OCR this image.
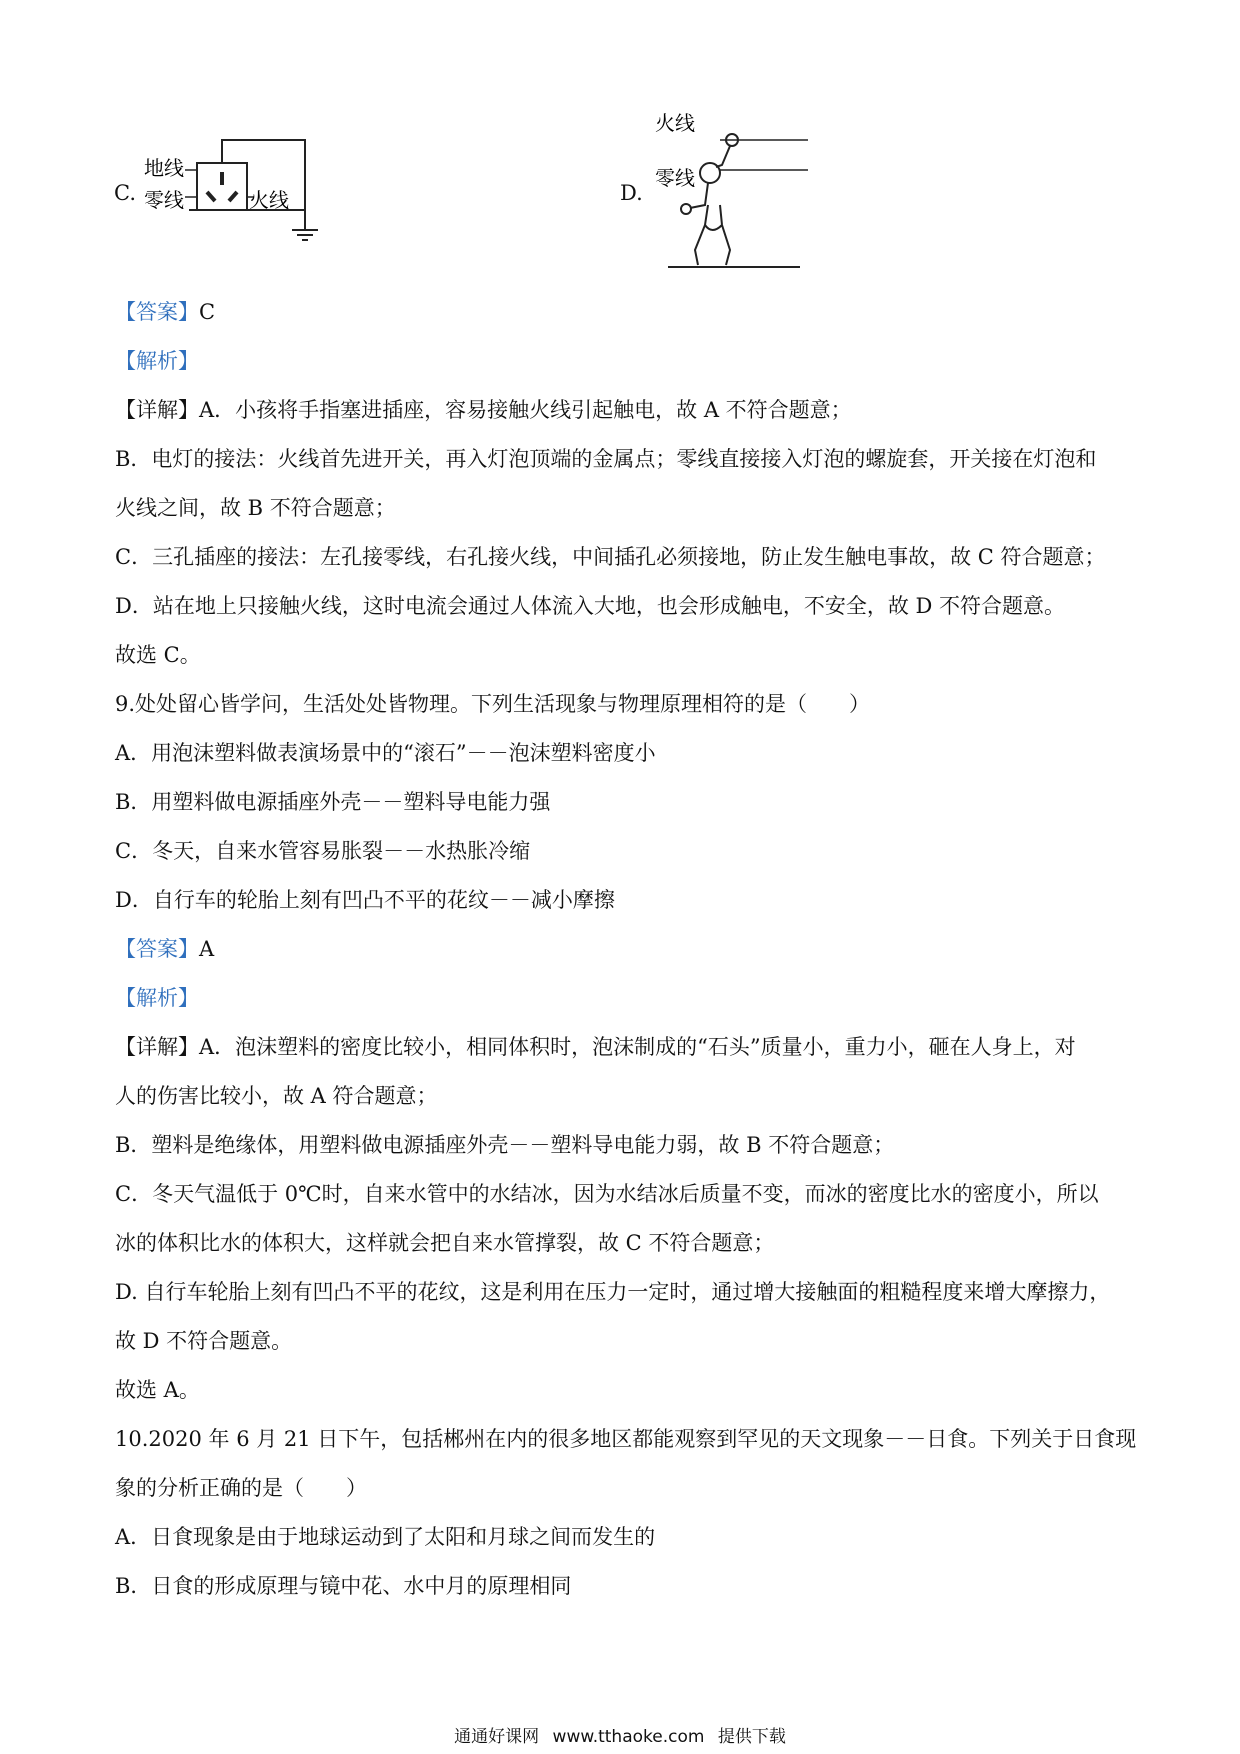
C.
地线
零线	火线	D.
火线
零线
【答案】C
【解析】
【详解】A．小孩将手指塞进插座，容易接触火线引起触电，故 A 不符合题意；
B．电灯的接法：火线首先进开关，再入灯泡顶端的金属点；零线直接接入灯泡的螺旋套，开关接在灯泡和
火线之间，故 B 不符合题意；
C．三孔插座的接法：左孔接零线，右孔接火线，中间插孔必须接地，防止发生触电事故，故 C 符合题意；
D．站在地上只接触火线，这时电流会通过人体流入大地，也会形成触电，不安全，故 D 不符合题意。
故选 C。
9.处处留心皆学问，生活处处皆物理。下列生活现象与物理原理相符的是（　　）
A．用泡沫塑料做表演场景中的“滚石”－－泡沫塑料密度小
B．用塑料做电源插座外壳－－塑料导电能力强
C．冬天，自来水管容易胀裂－－水热胀冷缩
D．自行车的轮胎上刻有凹凸不平的花纹－－减小摩擦
【答案】A
【解析】
【详解】A．泡沫塑料的密度比较小，相同体积时，泡沫制成的“石头”质量小，重力小，砸在人身上，对
人的伤害比较小，故 A 符合题意；
B．塑料是绝缘体，用塑料做电源插座外壳－－塑料导电能力弱，故 B 不符合题意；
C．冬天气温低于 0℃时，自来水管中的水结冰，因为水结冰后质量不变，而冰的密度比水的密度小，所以
冰的体积比水的体积大，这样就会把自来水管撑裂，故 C 不符合题意；
D. 自行车轮胎上刻有凹凸不平的花纹，这是利用在压力一定时，通过增大接触面的粗糙程度来增大摩擦力，
故 D 不符合题意。
故选 A。
10.2020 年 6 月 21 日下午，包括郴州在内的很多地区都能观察到罕见的天文现象－－日食。下列关于日食现
象的分析正确的是（　　）
A．日食现象是由于地球运动到了太阳和月球之间而发生的
B．日食的形成原理与镜中花、水中月的原理相同
通通好课网 www.tthaoke.com 提供下载
